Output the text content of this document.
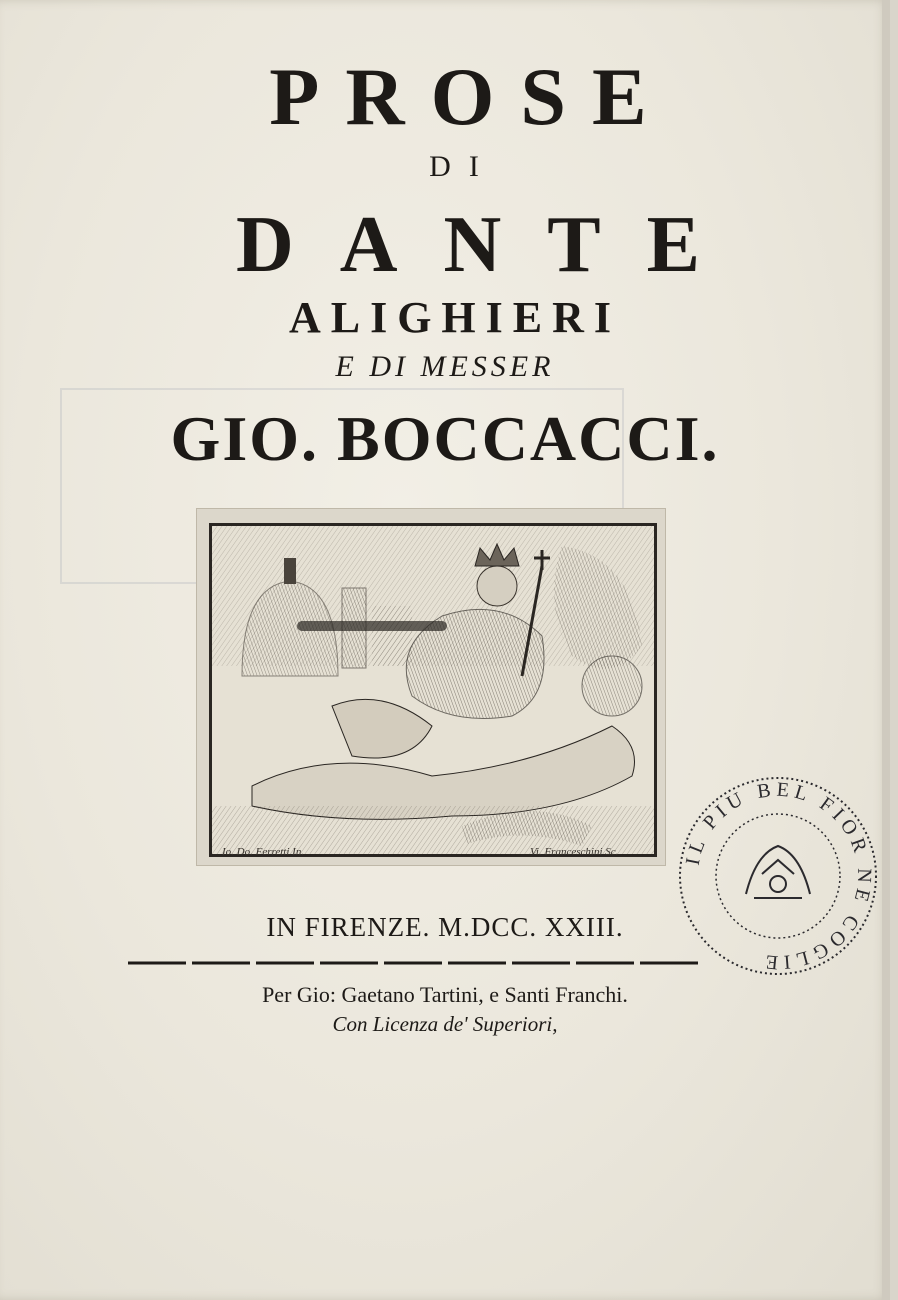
PROSE
DI
DANTE
ALIGHIERI
E DI MESSER
GIO. BOCCACCI.
Io. Do. Ferretti In.	Vi. Franceschini Sc.
IN FIRENZE. M.DCC. XXIII.
Per Gio: Gaetano Tartini, e Santi Franchi.
Con Licenza de' Superiori,
IL PIU BEL FIOR NE COGLIE
